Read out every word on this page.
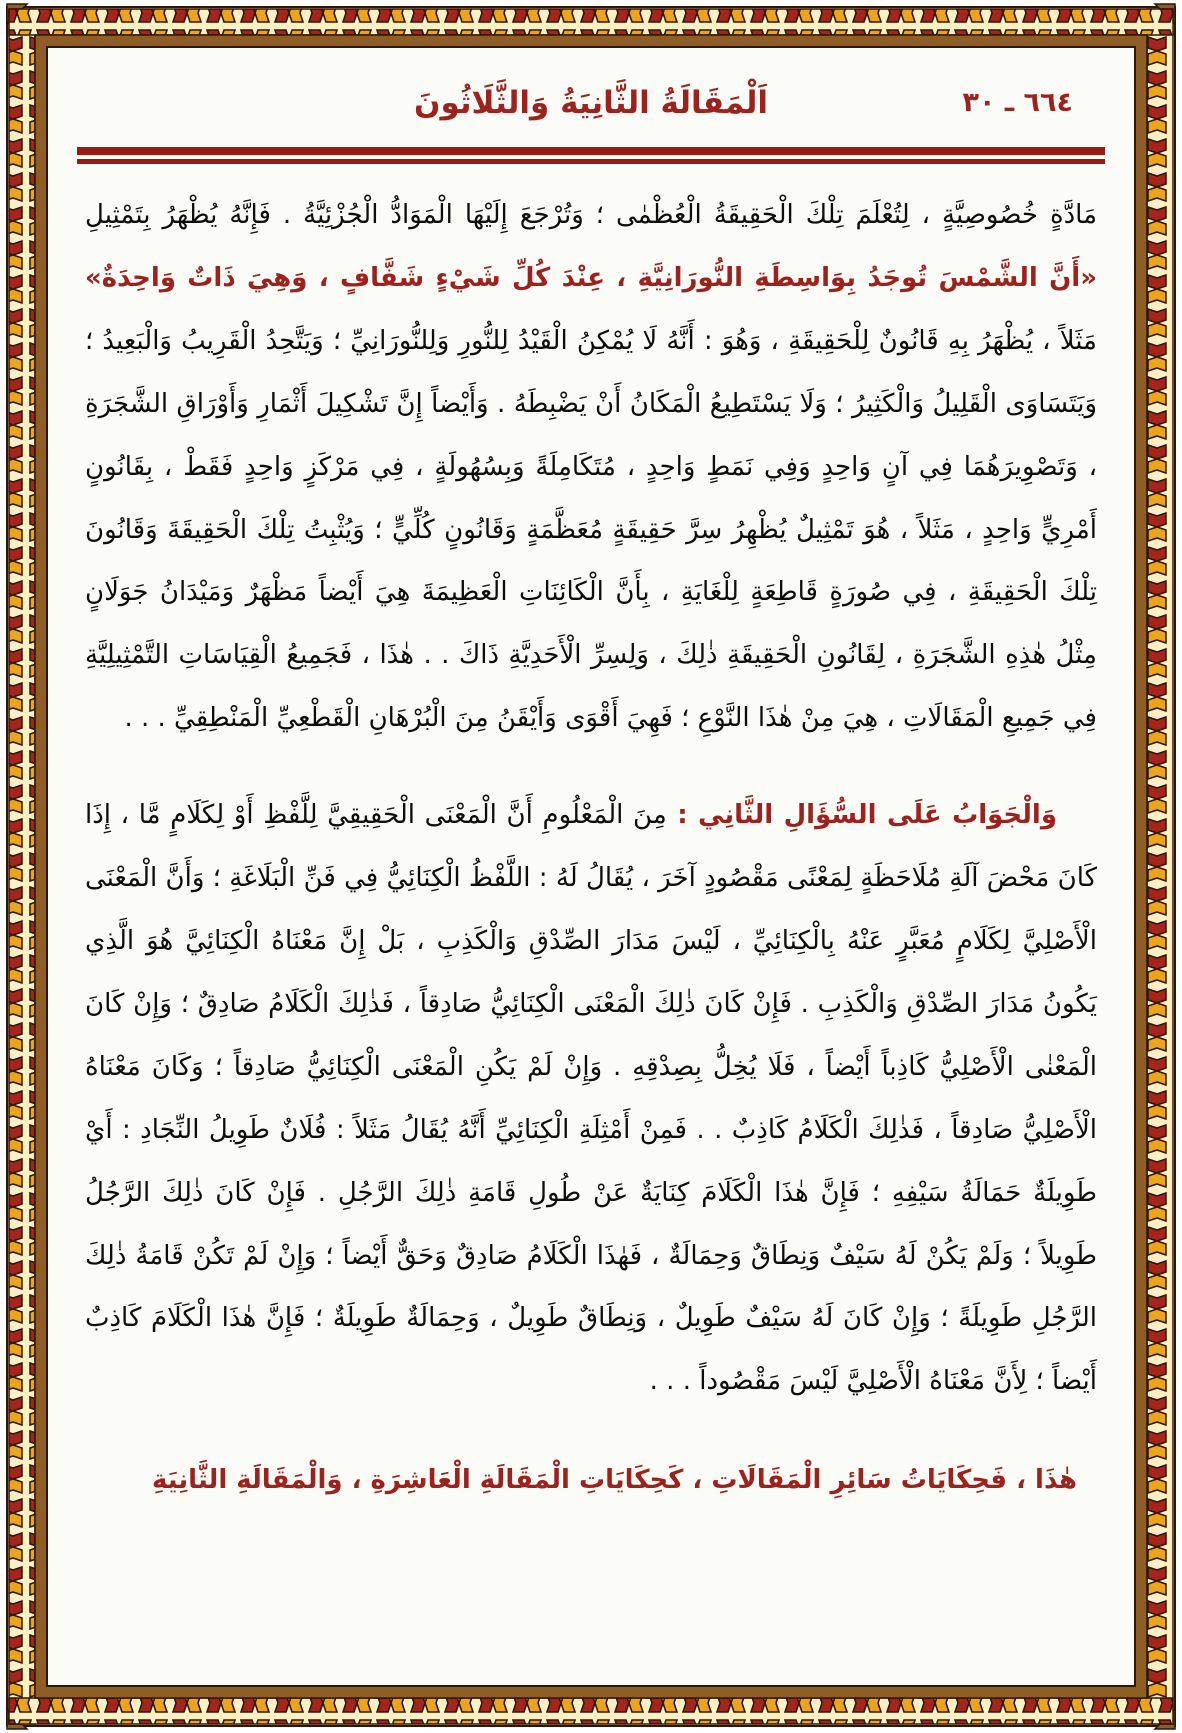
٦٦٤ ـ ٣٠
اَلْمَقَالَةُ الثَّانِيَةُ وَالثَّلَاثُونَ
مَادَّةٍ خُصُوصِيَّةٍ ، لِتُعْلَمَ تِلْكَ الْحَقِيقَةُ الْعُظْمٰى ؛ وَتُرْجَعَ إِلَيْهَا الْمَوَادُّ الْجُزْئِيَّةُ . فَإِنَّهُ يُظْهَرُ بِتَمْثِيلِ «أَنَّ الشَّمْسَ تُوجَدُ بِوَاسِطَةِ النُّورَانِيَّةِ ، عِنْدَ كُلِّ شَيْءٍ شَفَّافٍ ، وَهِيَ ذَاتٌ وَاحِدَةٌ» مَثَلاً ، يُظْهَرُ بِهِ قَانُونٌ لِلْحَقِيقَةِ ، وَهُوَ : أَنَّهُ لَا يُمْكِنُ الْقَيْدُ لِلنُّورِ وَلِلنُّورَانِيِّ ؛ وَيَتَّحِدُ الْقَرِيبُ وَالْبَعِيدُ ؛ وَيَتَسَاوَى الْقَلِيلُ وَالْكَثِيرُ ؛ وَلَا يَسْتَطِيعُ الْمَكَانُ أَنْ يَضْبِطَهُ . وَأَيْضاً إِنَّ تَشْكِيلَ أَثْمَارِ وَأَوْرَاقِ الشَّجَرَةِ ، وَتَصْوِيرَهُمَا فِي آنٍ وَاحِدٍ وَفِي نَمَطٍ وَاحِدٍ ، مُتَكَامِلَةً وَبِسُهُولَةٍ ، فِي مَرْكَزٍ وَاحِدٍ فَقَطْ ، بِقَانُونٍ أَمْرِيٍّ وَاحِدٍ ، مَثَلاً ، هُوَ تَمْثِيلٌ يُظْهِرُ سِرَّ حَقِيقَةٍ مُعَظَّمَةٍ وَقَانُونٍ كُلِّيٍّ ؛ وَيُثْبِتُ تِلْكَ الْحَقِيقَةَ وَقَانُونَ تِلْكَ الْحَقِيقَةِ ، فِي صُورَةٍ قَاطِعَةٍ لِلْغَايَةِ ، بِأَنَّ الْكَائِنَاتِ الْعَظِيمَةَ هِيَ أَيْضاً مَظْهَرٌ وَمَيْدَانُ جَوَلَانٍ مِثْلُ هٰذِهِ الشَّجَرَةِ ، لِقَانُونِ الْحَقِيقَةِ ذٰلِكَ ، وَلِسِرِّ الْأَحَدِيَّةِ ذَاكَ . . هٰذَا ، فَجَمِيعُ الْقِيَاسَاتِ التَّمْثِيلِيَّةِ فِي جَمِيعِ الْمَقَالَاتِ ، هِيَ مِنْ هٰذَا النَّوْعِ ؛ فَهِيَ أَقْوَى وَأَيْقَنُ مِنَ الْبُرْهَانِ الْقَطْعِيِّ الْمَنْطِقِيِّ . . .
وَالْجَوَابُ عَلَى السُّؤَالِ الثَّانِي : مِنَ الْمَعْلُومِ أَنَّ الْمَعْنَى الْحَقِيقِيَّ لِلَّفْظِ أَوْ لِكَلَامٍ مَّا ، إِذَا كَانَ مَحْضَ آلَةِ مُلَاحَظَةٍ لِمَعْنًى مَقْصُودٍ آخَرَ ، يُقَالُ لَهُ : اللَّفْظُ الْكِنَائِيُّ فِي فَنِّ الْبَلَاغَةِ ؛ وَأَنَّ الْمَعْنَى الْأَصْلِيَّ لِكَلَامٍ مُعَبَّرٍ عَنْهُ بِالْكِنَائِيِّ ، لَيْسَ مَدَارَ الصِّدْقِ وَالْكَذِبِ ، بَلْ إِنَّ مَعْنَاهُ الْكِنَائِيَّ هُوَ الَّذِي يَكُونُ مَدَارَ الصِّدْقِ وَالْكَذِبِ . فَإِنْ كَانَ ذٰلِكَ الْمَعْنَى الْكِنَائِيُّ صَادِقاً ، فَذٰلِكَ الْكَلَامُ صَادِقٌ ؛ وَإِنْ كَانَ الْمَعْنٰى الْأَصْلِيُّ كَاذِباً أَيْضاً ، فَلَا يُخِلُّ بِصِدْقِهِ . وَإِنْ لَمْ يَكُنِ الْمَعْنَى الْكِنَائِيُّ صَادِقاً ؛ وَكَانَ مَعْنَاهُ الْأَصْلِيُّ صَادِقاً ، فَذٰلِكَ الْكَلَامُ كَاذِبٌ . . فَمِنْ أَمْثِلَةِ الْكِنَائِيِّ أَنَّهُ يُقَالُ مَثَلاً : فُلَانٌ طَوِيلُ النِّجَادِ : أَيْ طَوِيلَةٌ حَمَالَةُ سَيْفِهِ ؛ فَإِنَّ هٰذَا الْكَلَامَ كِنَايَةٌ عَنْ طُولِ قَامَةِ ذٰلِكَ الرَّجُلِ . فَإِنْ كَانَ ذٰلِكَ الرَّجُلُ طَوِيلاً ؛ وَلَمْ يَكُنْ لَهُ سَيْفٌ وَنِطَاقٌ وَحِمَالَةٌ ، فَهٰذَا الْكَلَامُ صَادِقٌ وَحَقٌّ أَيْضاً ؛ وَإِنْ لَمْ تَكُنْ قَامَةُ ذٰلِكَ الرَّجُلِ طَوِيلَةً ؛ وَإِنْ كَانَ لَهُ سَيْفٌ طَوِيلٌ ، وَنِطَاقٌ طَوِيلٌ ، وَحِمَالَةٌ طَوِيلَةٌ ؛ فَإِنَّ هٰذَا الْكَلَامَ كَاذِبٌ أَيْضاً ؛ لِأَنَّ مَعْنَاهُ الْأَصْلِيَّ لَيْسَ مَقْصُوداً . . .
هٰذَا ، فَحِكَايَاتُ سَائِرِ الْمَقَالَاتِ ، كَحِكَايَاتِ الْمَقَالَةِ الْعَاشِرَةِ ، وَالْمَقَالَةِ الثَّانِيَةِ
